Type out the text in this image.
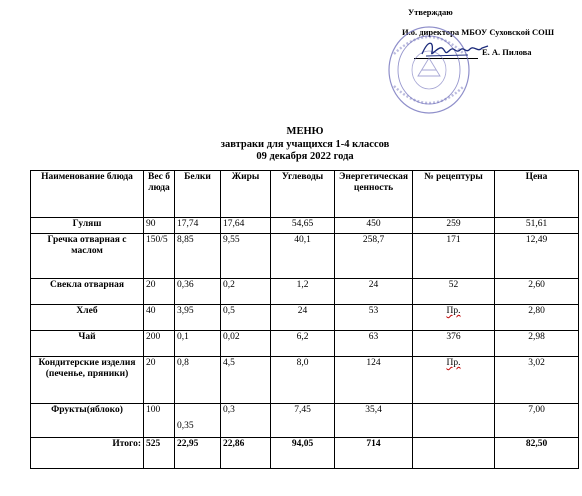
Утверждаю
И.о. директора МБОУ Суховской СОШ
Е. А. Пилова
МЕНЮ
завтраки для учащихся 1-4 классов
09 декабря 2022 года
Наименование блюда	Вес блюда	Белки	Жиры	Углеводы	Энергетическая ценность	№ рецептуры	Цена
Гуляш	90	17,74	17,64	54,65	450	259	51,61
Гречка отварная с маслом	150/5	8,85	9,55	40,1	258,7	171	12,49
Свекла отварная	20	0,36	0,2	1,2	24	52	2,60
Хлеб	40	3,95	0,5	24	53	Пр.	2,80
Чай	200	0,1	0,02	6,2	63	376	2,98
Кондитерские изделия (печенье, пряники)	20	0,8	4,5	8,0	124	Пр.	3,02
Фрукты(яблоко)	100	0,35	0,3	7,45	35,4		7,00
Итого:	525	22,95	22,86	94,05	714		82,50
